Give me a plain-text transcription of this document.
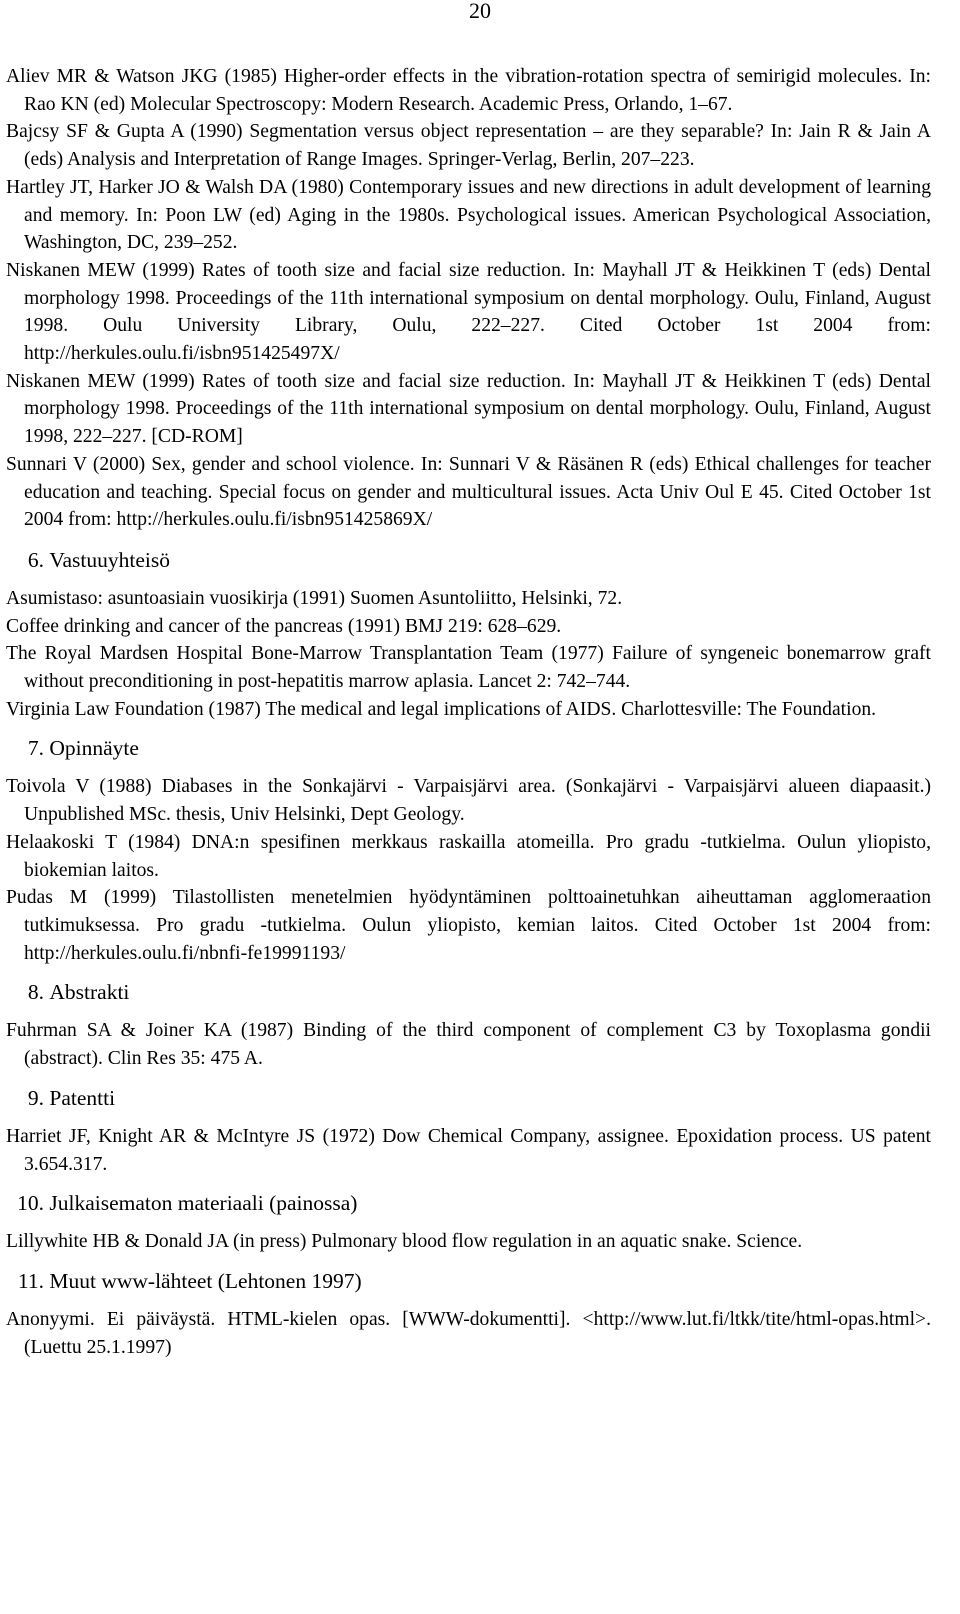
20

Aliev MR & Watson JKG (1985) Higher-order effects in the vibration-rotation spectra of semirigid molecules. In: Rao KN (ed) Molecular Spectroscopy: Modern Research. Academic Press, Orlando, 1–67.

Bajcsy SF & Gupta A (1990) Segmentation versus object representation – are they separable? In: Jain R & Jain A (eds) Analysis and Interpretation of Range Images. Springer-Verlag, Berlin, 207–223.

Hartley JT, Harker JO & Walsh DA (1980) Contemporary issues and new directions in adult development of learning and memory. In: Poon LW (ed) Aging in the 1980s. Psychological issues. American Psychological Association, Washington, DC, 239–252.

Niskanen MEW (1999) Rates of tooth size and facial size reduction. In: Mayhall JT & Heikkinen T (eds) Dental morphology 1998. Proceedings of the 11th international symposium on dental morphology. Oulu, Finland, August 1998. Oulu University Library, Oulu, 222–227. Cited October 1st 2004 from: http://herkules.oulu.fi/isbn951425497X/

Niskanen MEW (1999) Rates of tooth size and facial size reduction. In: Mayhall JT & Heikkinen T (eds) Dental morphology 1998. Proceedings of the 11th international symposium on dental morphology. Oulu, Finland, August 1998, 222–227. [CD-ROM]

Sunnari V (2000) Sex, gender and school violence. In: Sunnari V & Räsänen R (eds) Ethical challenges for teacher education and teaching. Special focus on gender and multicultural issues. Acta Univ Oul E 45. Cited October 1st 2004 from: http://herkules.oulu.fi/isbn951425869X/

6.
Vastuuyhteisö

Asumistaso: asuntoasiain vuosikirja (1991) Suomen Asuntoliitto, Helsinki, 72.

Coffee drinking and cancer of the pancreas (1991) BMJ 219: 628–629.

The Royal Mardsen Hospital Bone-Marrow Transplantation Team (1977) Failure of syngeneic bonemarrow graft without preconditioning in post-hepatitis marrow aplasia. Lancet 2: 742–744.

Virginia Law Foundation (1987) The medical and legal implications of AIDS. Charlottesville: The Foundation.

7.
Opinnäyte

Toivola V (1988) Diabases in the Sonkajärvi - Varpaisjärvi area. (Sonkajärvi - Varpaisjärvi alueen diapaasit.) Unpublished MSc. thesis, Univ Helsinki, Dept Geology.

Helaakoski T (1984) DNA:n spesifinen merkkaus raskailla atomeilla. Pro gradu -tutkielma. Oulun yliopisto, biokemian laitos.

Pudas M (1999) Tilastollisten menetelmien hyödyntäminen polttoainetuhkan aiheuttaman agglomeraation tutkimuksessa. Pro gradu -tutkielma. Oulun yliopisto, kemian laitos. Cited October 1st 2004 from: http://herkules.oulu.fi/nbnfi-fe19991193/

8.
Abstrakti

Fuhrman SA & Joiner KA (1987) Binding of the third component of complement C3 by Toxoplasma gondii (abstract). Clin Res 35: 475 A.

9.
Patentti

Harriet JF, Knight AR & McIntyre JS (1972) Dow Chemical Company, assignee. Epoxidation process. US patent 3.654.317.

10.
Julkaisematon materiaali (painossa)

Lillywhite HB & Donald JA (in press) Pulmonary blood flow regulation in an aquatic snake. Science.

11.
Muut www-lähteet (Lehtonen 1997)

Anonyymi. Ei päiväystä. HTML-kielen opas. [WWW-dokumentti]. <http://www.lut.fi/ltkk/tite/html-opas.html>. (Luettu 25.1.1997)
